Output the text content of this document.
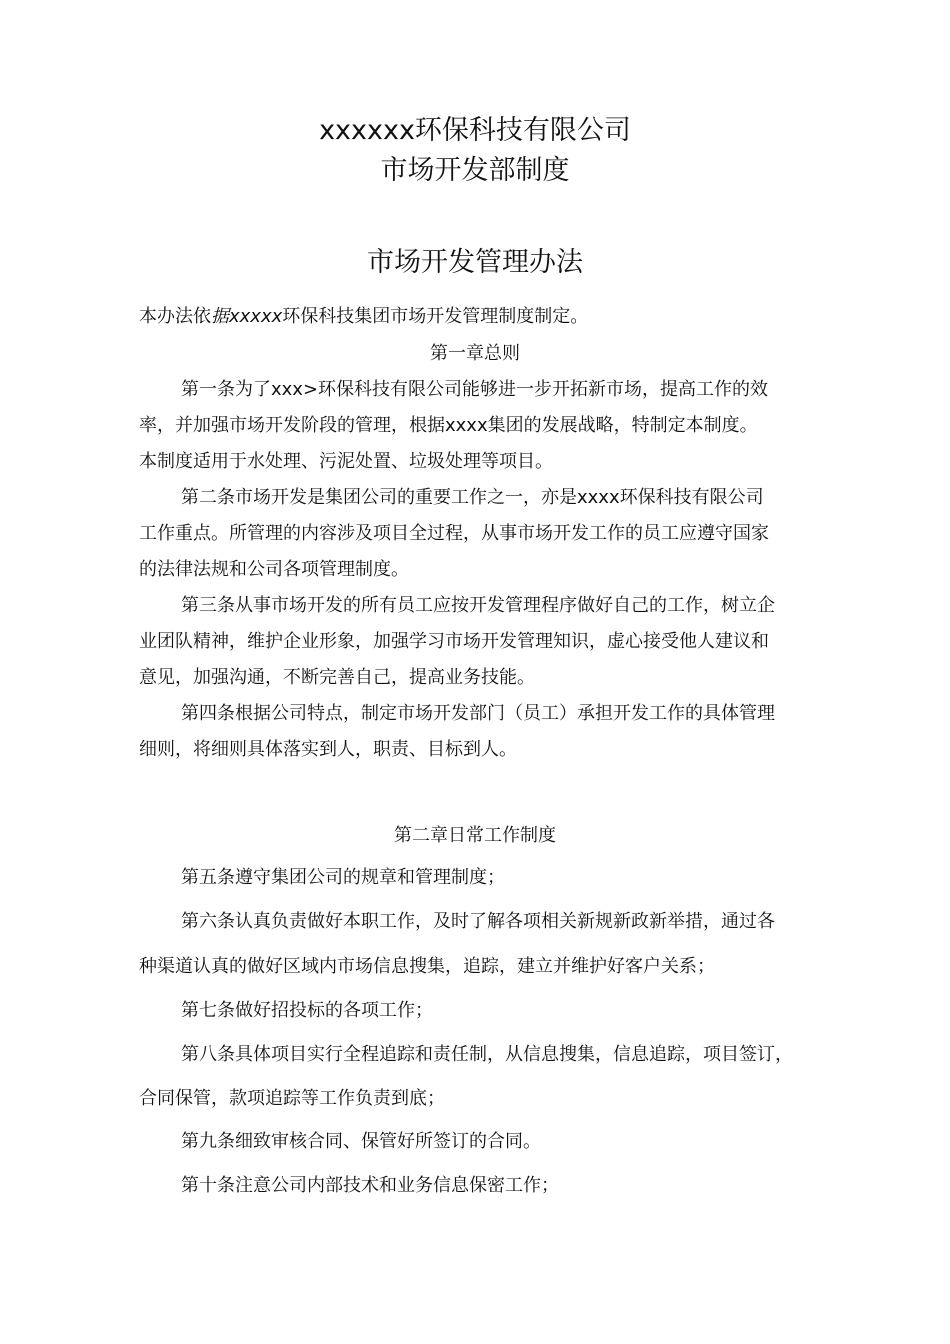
xxxxxx环保科技有限公司
市场开发部制度
市场开发管理办法
本办法依据xxxxx环保科技集团市场开发管理制度制定。
第一章总则
第一条为了xxx>环保科技有限公司能够进一步开拓新市场，提高工作的效
率，并加强市场开发阶段的管理，根据xxxx集团的发展战略，特制定本制度。
本制度适用于水处理、污泥处置、垃圾处理等项目。
第二条市场开发是集团公司的重要工作之一，亦是xxxx环保科技有限公司
工作重点。所管理的内容涉及项目全过程，从事市场开发工作的员工应遵守国家
的法律法规和公司各项管理制度。
第三条从事市场开发的所有员工应按开发管理程序做好自己的工作，树立企
业团队精神，维护企业形象，加强学习市场开发管理知识，虚心接受他人建议和
意见，加强沟通，不断完善自己，提高业务技能。
第四条根据公司特点，制定市场开发部门（员工）承担开发工作的具体管理
细则，将细则具体落实到人，职责、目标到人。
第二章日常工作制度
第五条遵守集团公司的规章和管理制度；
第六条认真负责做好本职工作，及时了解各项相关新规新政新举措，通过各
种渠道认真的做好区域内市场信息搜集，追踪，建立并维护好客户关系；
第七条做好招投标的各项工作；
第八条具体项目实行全程追踪和责任制，从信息搜集，信息追踪，项目签订，
合同保管，款项追踪等工作负责到底；
第九条细致审核合同、保管好所签订的合同。
第十条注意公司内部技术和业务信息保密工作；
